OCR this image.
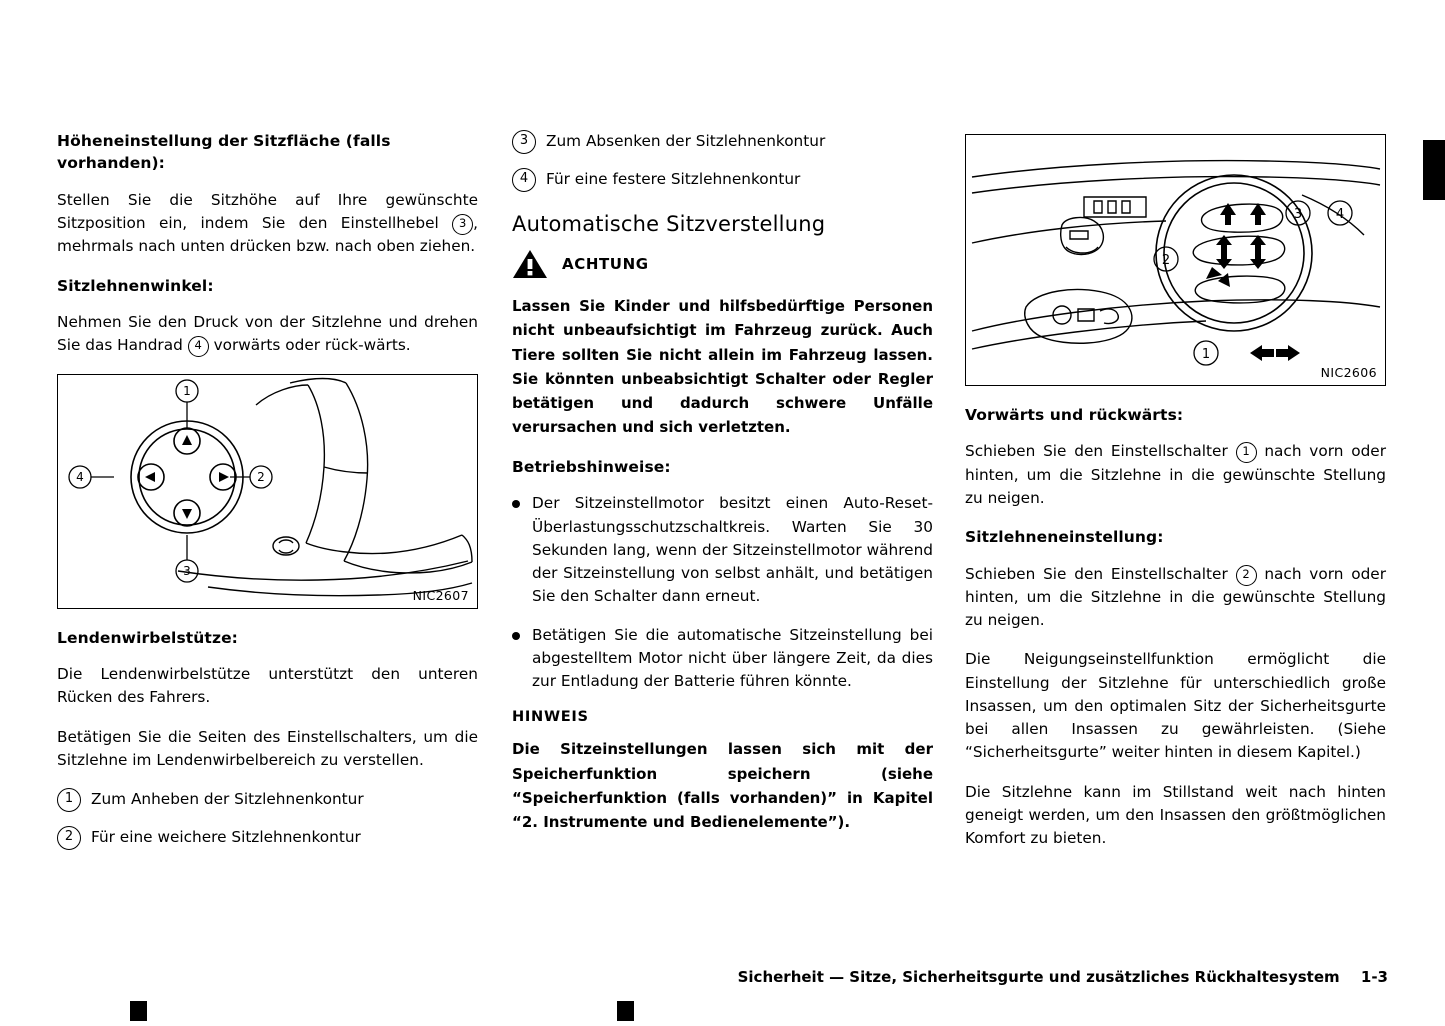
Höheneinstellung der Sitzfläche (falls vorhanden):

Stellen Sie die Sitzhöhe auf Ihre gewünschte Sitzposition ein, indem Sie den Einstellhebel 3 , mehrmals nach unten drücken bzw. nach oben ziehen.

Sitzlehnenwinkel:

Nehmen Sie den Druck von der Sitzlehne und drehen Sie das Handrad 4 vorwärts oder rück-wärts.

1
3
4	2
NIC2607
Lendenwirbelstütze:

Die Lendenwirbelstütze unterstützt den unteren Rücken des Fahrers.

Betätigen Sie die Seiten des Einstellschalters, um die Sitzlehne im Lendenwirbelbereich zu verstellen.

1	Zum Anheben der Sitzlehnenkontur
2	Für eine weichere Sitzlehnenkontur
3	Zum Absenken der Sitzlehnenkontur
4	Für eine festere Sitzlehnenkontur
Automatische Sitzverstellung
ACHTUNG

Lassen Sie Kinder und hilfsbedürftige Personen nicht unbeaufsichtigt im Fahrzeug zurück. Auch Tiere sollten Sie nicht allein im Fahrzeug lassen. Sie könnten unbeabsichtigt Schalter oder Regler betätigen und dadurch schwere Unfälle verursachen und sich verletzten.

Betriebshinweise:
Der Sitzeinstellmotor besitzt einen Auto-Reset-Überlastungsschutzschaltkreis. Warten Sie 30 Sekunden lang, wenn der Sitzeinstellmotor während der Sitzeinstellung von selbst anhält, und betätigen Sie den Schalter dann erneut.
Betätigen Sie die automatische Sitzeinstellung bei abgestelltem Motor nicht über längere Zeit, da dies zur Entladung der Batterie führen könnte.
HINWEIS

Die Sitzeinstellungen lassen sich mit der Speicherfunktion speichern (siehe “Speicherfunktion (falls vorhanden)” in Kapitel “2. Instrumente und Bedienelemente”).

3	4
2
1
NIC2606
Vorwärts und rückwärts:

Schieben Sie den Einstellschalter 1 nach vorn oder hinten, um die Sitzlehne in die gewünschte Stellung zu neigen.

Sitzlehneneinstellung:

Schieben Sie den Einstellschalter 2 nach vorn oder hinten, um die Sitzlehne in die gewünschte Stellung zu neigen.

Die Neigungseinstellfunktion ermöglicht die Einstellung der Sitzlehne für unterschiedlich große Insassen, um den optimalen Sitz der Sicherheitsgurte bei allen Insassen zu gewährleisten. (Siehe “Sicherheitsgurte” weiter hinten in diesem Kapitel.)

Die Sitzlehne kann im Stillstand weit nach hinten geneigt werden, um den Insassen den größtmöglichen Komfort zu bieten.

Sicherheit — Sitze, Sicherheitsgurte und zusätzliches Rückhaltesystem 1-3
